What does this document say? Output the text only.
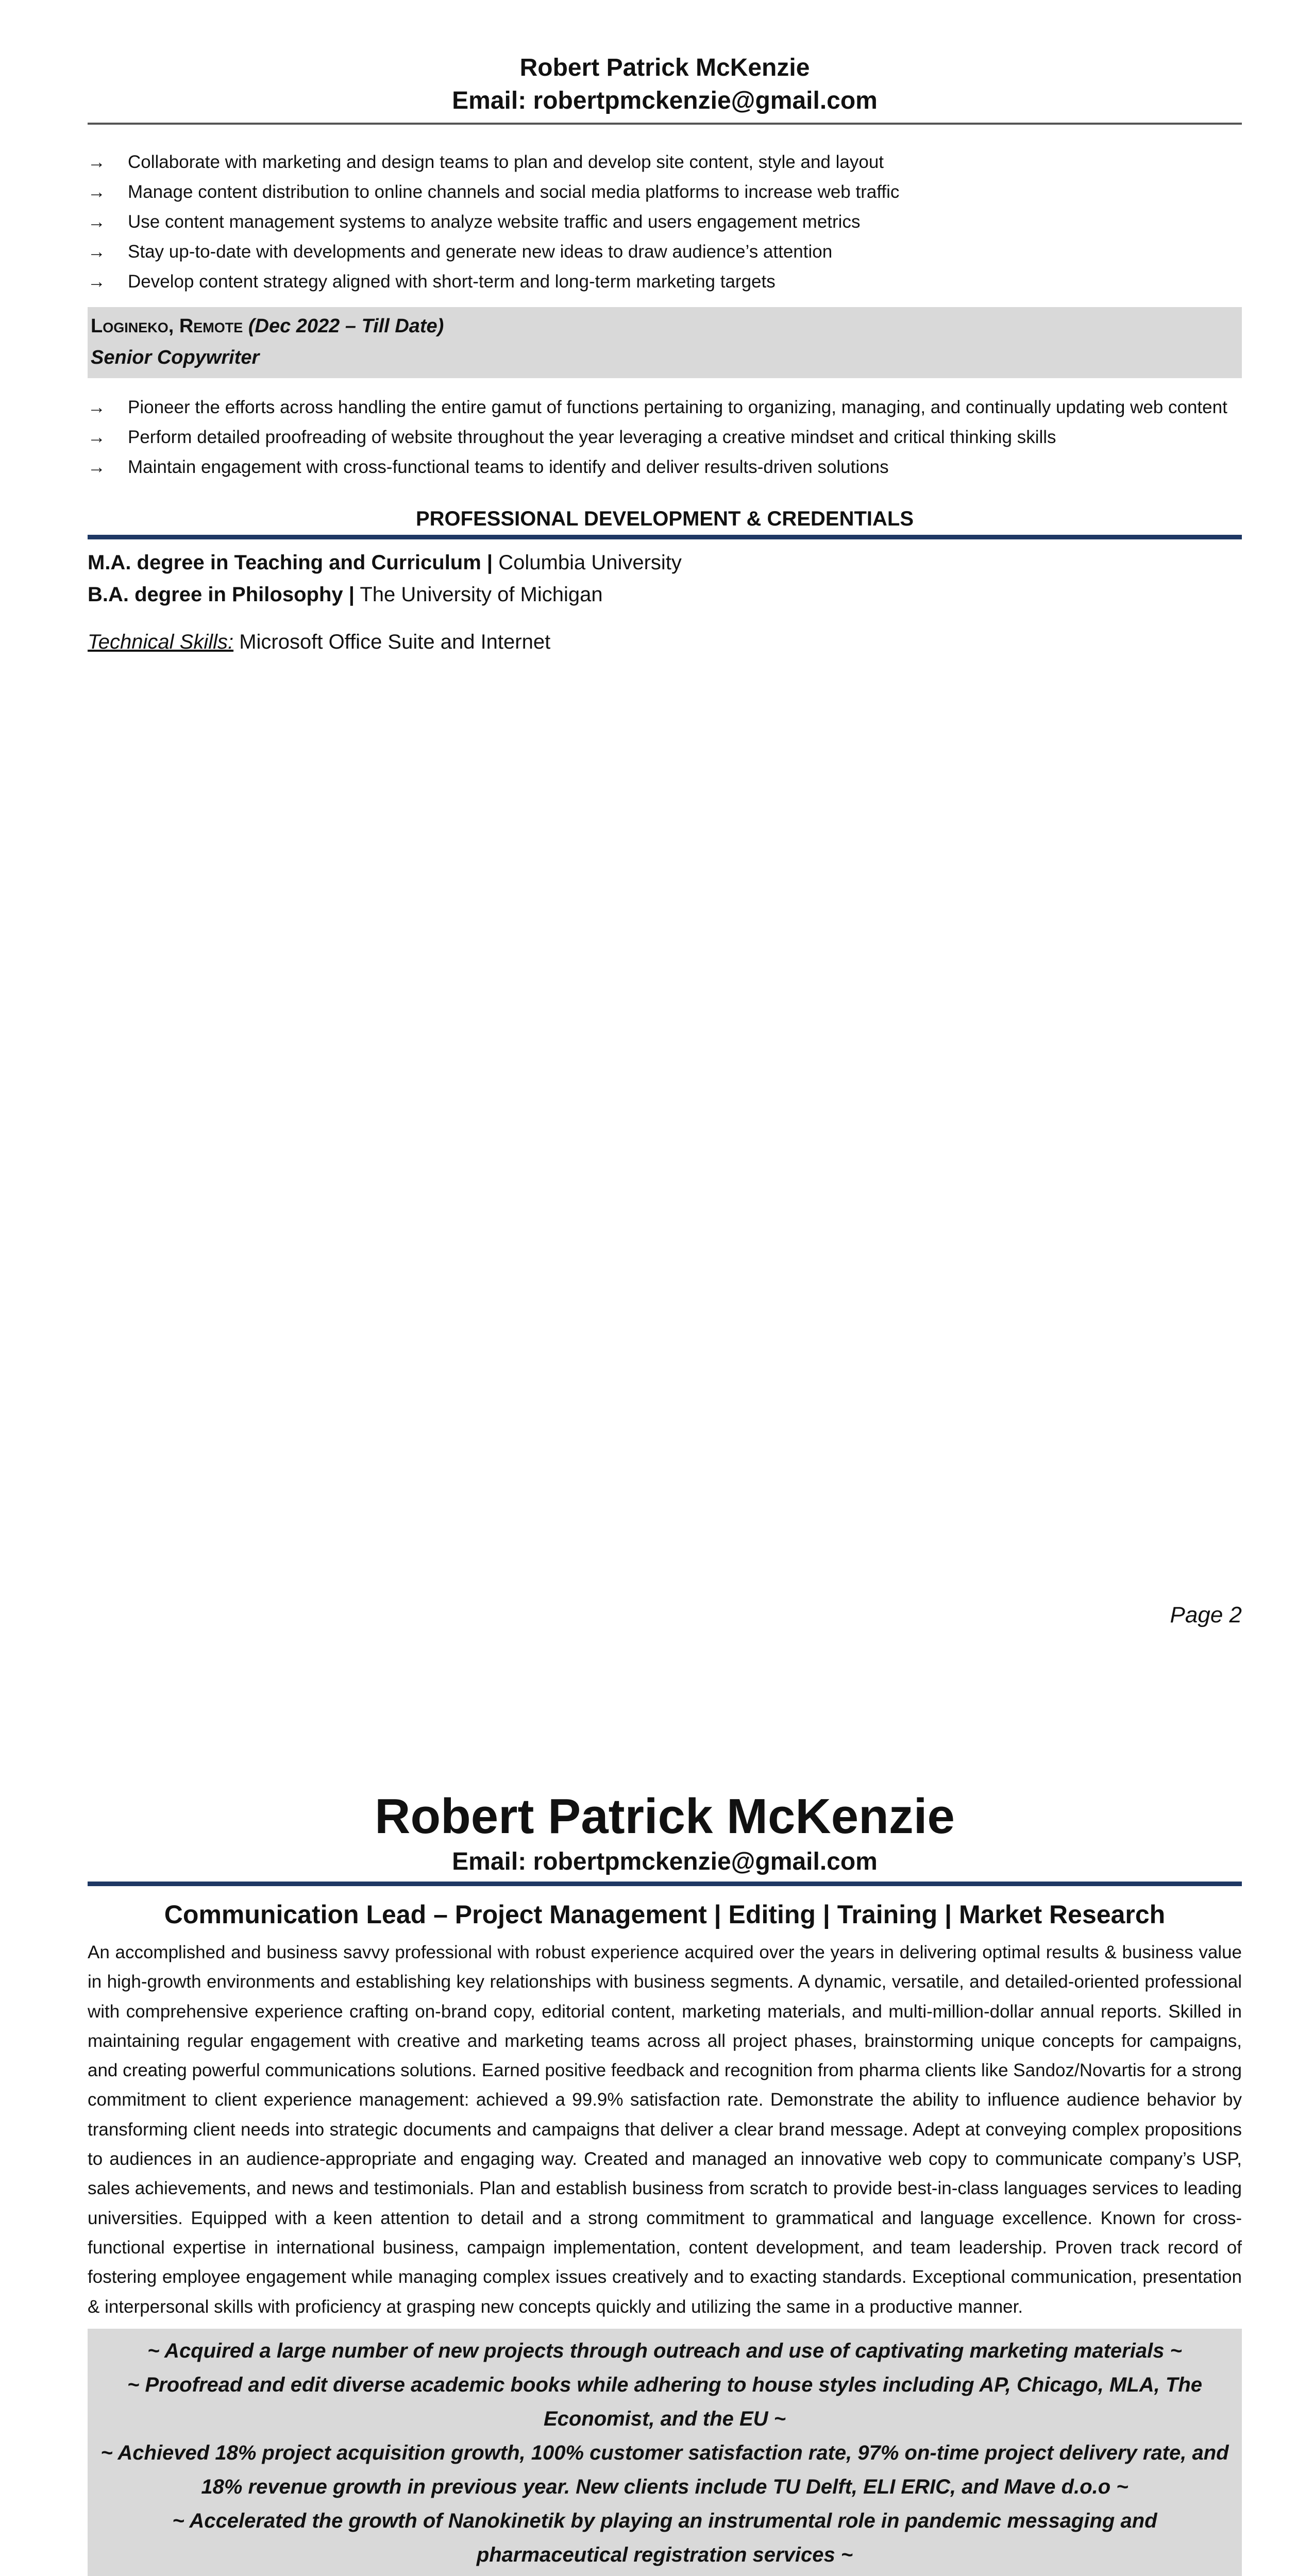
Robert Patrick McKenzie
Email: robertpmckenzie@gmail.com
→ Collaborate with marketing and design teams to plan and develop site content, style and layout
→ Manage content distribution to online channels and social media platforms to increase web traffic
→ Use content management systems to analyze website traffic and users engagement metrics
→ Stay up-to-date with developments and generate new ideas to draw audience’s attention
→ Develop content strategy aligned with short-term and long-term marketing targets
Logineko, Remote (Dec 2022 – Till Date)
Senior Copywriter
→ Pioneer the efforts across handling the entire gamut of functions pertaining to organizing, managing, and continually updating web content
→ Perform detailed proofreading of website throughout the year leveraging a creative mindset and critical thinking skills
→ Maintain engagement with cross-functional teams to identify and deliver results-driven solutions
PROFESSIONAL DEVELOPMENT & CREDENTIALS
M.A. degree in Teaching and Curriculum | Columbia University
B.A. degree in Philosophy | The University of Michigan
Technical Skills: Microsoft Office Suite and Internet
Page 2
Robert Patrick McKenzie
Email: robertpmckenzie@gmail.com
Communication Lead – Project Management | Editing | Training | Market Research
An accomplished and business savvy professional with robust experience acquired over the years in delivering optimal results & business value in high-growth environments and establishing key relationships with business segments. A dynamic, versatile, and detailed-oriented professional with comprehensive experience crafting on-brand copy, editorial content, marketing materials, and multi-million-dollar annual reports. Skilled in maintaining regular engagement with creative and marketing teams across all project phases, brainstorming unique concepts for campaigns, and creating powerful communications solutions. Earned positive feedback and recognition from pharma clients like Sandoz/Novartis for a strong commitment to client experience management: achieved a 99.9% satisfaction rate. Demonstrate the ability to influence audience behavior by transforming client needs into strategic documents and campaigns that deliver a clear brand message. Adept at conveying complex propositions to audiences in an audience-appropriate and engaging way. Created and managed an innovative web copy to communicate company’s USP, sales achievements, and news and testimonials. Plan and establish business from scratch to provide best-in-class languages services to leading universities. Equipped with a keen attention to detail and a strong commitment to grammatical and language excellence. Known for cross-functional expertise in international business, campaign implementation, content development, and team leadership. Proven track record of fostering employee engagement while managing complex issues creatively and to exacting standards. Exceptional communication, presentation & interpersonal skills with proficiency at grasping new concepts quickly and utilizing the same in a productive manner.

~ Acquired a large number of new projects through outreach and use of captivating marketing materials ~

~ Proofread and edit diverse academic books while adhering to house styles including AP, Chicago, MLA, The Economist, and the EU ~

~ Achieved 18% project acquisition growth, 100% customer satisfaction rate, 97% on-time project delivery rate, and 18% revenue growth in previous year. New clients include TU Delft, ELI ERIC, and Mave d.o.o ~

~ Accelerated the growth of Nanokinetik by playing an instrumental role in pandemic messaging and pharmaceutical registration services ~
